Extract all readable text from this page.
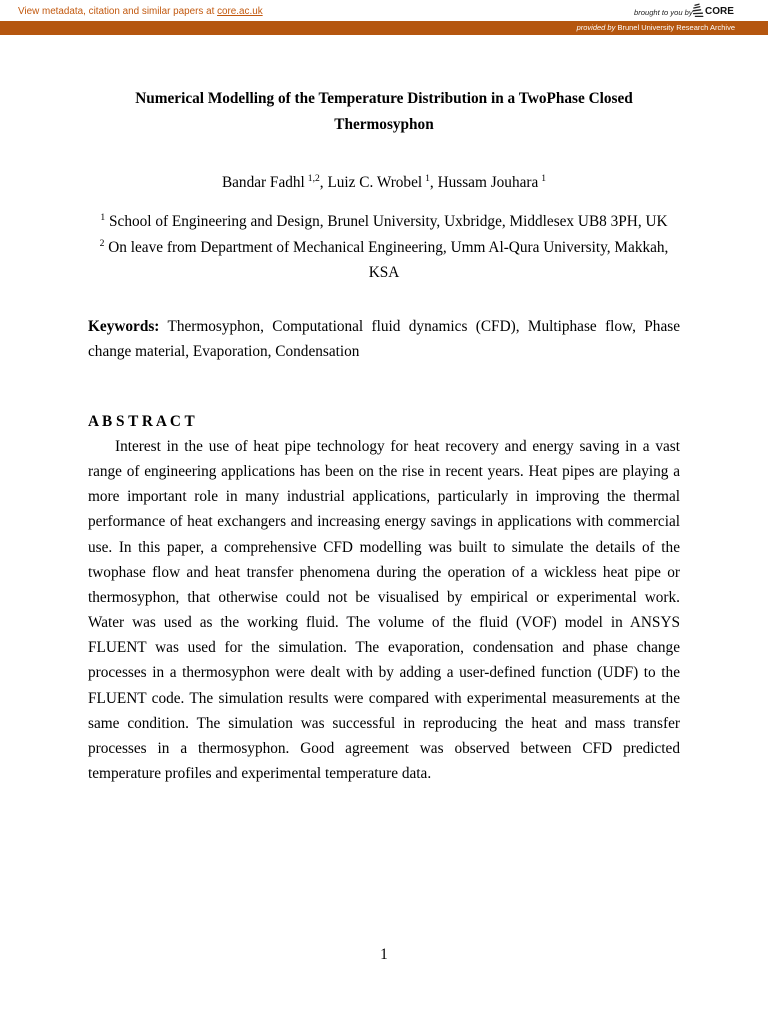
View metadata, citation and similar papers at core.ac.uk	brought to you by CORE
provided by Brunel University Research Archive
Numerical Modelling of the Temperature Distribution in a TwoPhase Closed
Thermosyphon
Bandar Fadhl $^{1,2}$, Luiz C. Wrobel $^1$, Hussam Jouhara $^1$
$^1$ School of Engineering and Design, Brunel University, Uxbridge, Middlesex UB8 3PH, UK
$^2$ On leave from Department of Mechanical Engineering, Umm Al-Qura University, Makkah, KSA
Keywords: Thermosyphon, Computational fluid dynamics (CFD), Multiphase flow, Phase
change material, Evaporation, Condensation
A B S T R A C T
Interest in the use of heat pipe technology for heat recovery and energy saving in a vast
range of engineering applications has been on the rise in recent years. Heat pipes are playing a
more important role in many industrial applications, particularly in improving the thermal
performance of heat exchangers and increasing energy savings in applications with commercial
use. In this paper, a comprehensive CFD modelling was built to simulate the details of the
twophase flow and heat transfer phenomena during the operation of a wickless heat pipe or
thermosyphon, that otherwise could not be visualised by empirical or experimental work.
Water was used as the working fluid. The volume of the fluid (VOF) model in ANSYS
FLUENT was used for the simulation. The evaporation, condensation and phase change
processes in a thermosyphon were dealt with by adding a user-defined function (UDF) to the
FLUENT code. The simulation results were compared with experimental measurements at the
same condition. The simulation was successful in reproducing the heat and mass transfer
processes in a thermosyphon. Good agreement was observed between CFD predicted
temperature profiles and experimental temperature data.
1
